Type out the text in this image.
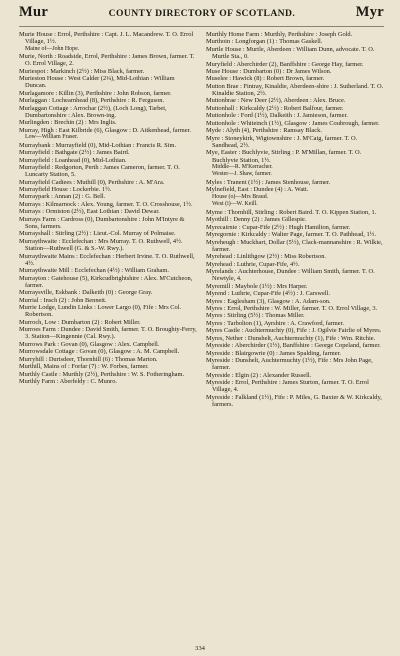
Mur	COUNTY DIRECTORY OF SCOTLAND.	Myr

Murie House : Errol, Perthshire : Capt. J. L. Macandrew. T. O. Errol Village, 1½.

Maine of—John Hope.

Murie, North : Roadside, Errol, Perthshire : James Brown, farmer. T. O. Errol Village, 2.

Muriespot : Markinch (2½) : Miss Black, farmer.

Murieston House : West Calder (2¼), Mid-Lothian : William Duncan.

Murlagamore : Killin (3), Perthshire : John Robson, farmer.

Murlaggan : Lochearnhead (8), Perthshire : R. Ferguson.

Murlaggan Cottage : Arrochar (2½), (Loch Long), Tarbet, Dumbartonshire : Alex. Brown-ing.

Murlingden : Brechin (2) : Mrs Inglis.

Murray, High : East Kilbride (6), Glasgow : D. Aitkenhead, farmer.

Low—William Fraser.

Murraybank : Murrayfield (0), Mid-Lothian : Francis R. Sim.

Murrayfield : Bathgate (2½) : James Baird.

Murrayfield : Loanhead (0), Mid-Lothian.

Murrayfield : Redgorton, Perth : James Cameron, farmer. T. O. Luncarty Station, 5.

Murrayfield Cadiees : Muthill (0), Perthshire : A. M'Ara.

Murrayfield House : Lockerbie. 1½.

Murraypark : Annan (2) : G. Bell.

Murrays : Kilmarnock : Alex. Young, farmer. T. O. Crosshouse, 1½.

Murrays : Ormiston (2½), East Lothian : David Dewar.

Murrays Farm : Cardross (0), Dumbartonshire : John M'Intyre & Sons, farmers.

Murrayshall : Stirling (2½) : Lieut.-Col. Murray of Polmaise.

Murraythwaite : Ecclefechan : Mrs Murray. T. O. Ruthwell, 4½. Station—Ruthwell (G. & S.-W. Rwy.).

Murraythwaite Mains : Ecclefechan : Herbert Irvine. T. O. Ruthwell, 4½.

Murraythwaite Mill : Ecclefechan (4½) : William Graham.

Murrayton : Gatehouse (5), Kirkcudbrightshire : Alex. M'Cutcheon, farmer.

Murraysville, Eskbank : Dalkeith (0) : George Gray.

Murrial : Insch (2) : John Bennett.

Murrie Lodge, Lundin Links : Lower Largo (0), Fife : Mrs Col. Robertson.

Murroch, Low : Dumbarton (2) : Robert Miller.

Murroes Farm : Dundee : David Smith, farmer. T. O. Broughty-Ferry, 3. Station—Kingennie (Cal. Rwy.).

Murrows Park : Govan (0), Glasgow : Alex. Campbell.

Murrowsdale Cottage : Govan (0), Glasgow : A. M. Campbell.

Murryhill : Durisdeer, Thornhill (6) : Thomas Marton.

Murthill, Mains of : Forfar (7) : W. Forbes, farmer.

Murthly Castle : Murthly (2½), Perthshire : W. S. Fotheringham.

Murthly Farm : Aberfeldy : C. Munro.

Murthly Home Farm : Murthly, Perthshire : Joseph Gold.

Murthoin : Longforgan (1) : Thomas Gaskell.

Murtle House : Murtle, Aberdeen : William Dunn, advocate. T. O. Murtle Sta., 0.

Muryfield : Aberchirder (2), Banffshire : George Hay, farmer.

Muse House : Dumbarton (0) : Dr James Wilson.

Muselee : Hawick (8) : Robert Brown, farmer.

Mutton Brae : Fintray, Kinaldie, Aberdeen-shire : J. Sutherland. T. O. Kinaldie Station, 2½.

Muttonbrae : New Deer (2½), Aberdeen : Alex. Bruce.

Muttonhall : Kirkcaldy (2½) : Robert Balfour, farmer.

Muttonhole : Ford (1½), Dalkeith : J. Jamieson, farmer.

Muttonhole : Whiteinch (1½), Glasgow : James Coubrough, farmer.

Myde : Alyth (4), Perthshire : Ramsay Black.

Myre : Stoneykirk, Wigtownshire : J. M'Caig, farmer. T. O. Sandhead, 2½.

Mye, Easter : Buchlyvie, Stirling : P. M'Millan, farmer. T. O. Buchlyvie Station, 1½.

Middle—R. M'Kerracher.

Wester—J. Shaw, farmer.

Myles : Tranent (1½) : James Stenhouse, farmer.

Mylnefield, East : Dundee (4) : A. Watt.

House (o)—Mrs Braud.

West (i)—W. Keill.

Myme : Thornhill, Stirling : Robert Baird. T. O. Kippen Station, 1.

Myothill : Denny (2) : James Gillespie.

Myrecairnie : Cupar-Fife (2½) : Hugh Hamilton, farmer.

Myregornie : Kirkcaldy : Walter Page, farmer. T. O. Pathhead, 1½.

Myreheugh : Muckhart, Dollar (5½), Clack-mannanshire : R. Wilkie, farmer.

Myrehead : Linlithgow (2½) : Miss Robertson.

Myrehead : Luthrie, Cupar-Fife, 4½.

Myrelands : Auchterhouse, Dundee : William Smith, farmer. T. O. Newtyle, 4.

Myremill : Maybole (1½) : Mrs Harper.

Myrend : Luthrie, Cupar-Fife (4½) : J. Carswell.

Myres : Eaglesham (3), Glasgow : A. Adam-son.

Myres : Errol, Perthshire : W. Miller, farmer. T. O. Errol Village, 3.

Myres : Stirling (5½) : Thomas Miller.

Myres : Tarbolton (1), Ayrshire : A. Crawford, farmer.

Myres Castle : Auchtermuchty (0), Fife : J. Ogilvie Fairlie of Myres.

Myres, Nether : Dunshelt, Auchtermuchty (1), Fife : Wm. Ritchie.

Myreside : Aberchirder (1½), Banffshire : George Copeland, farmer.

Myreside : Blairgowrie (0) : James Spalding, farmer.

Myreside : Dunshelt, Auchtermuchty (1½), Fife : Mrs John Page, farmer.

Myreside : Elgin (2) : Alexander Russell.

Myreside : Errol, Perthshire : James Sturton, farmer. T. O. Errol Village, 4.

Myreside : Falkland (1½), Fife : P. Miles, G. Baxter & W. Kirkcaldy, farmers.

334
